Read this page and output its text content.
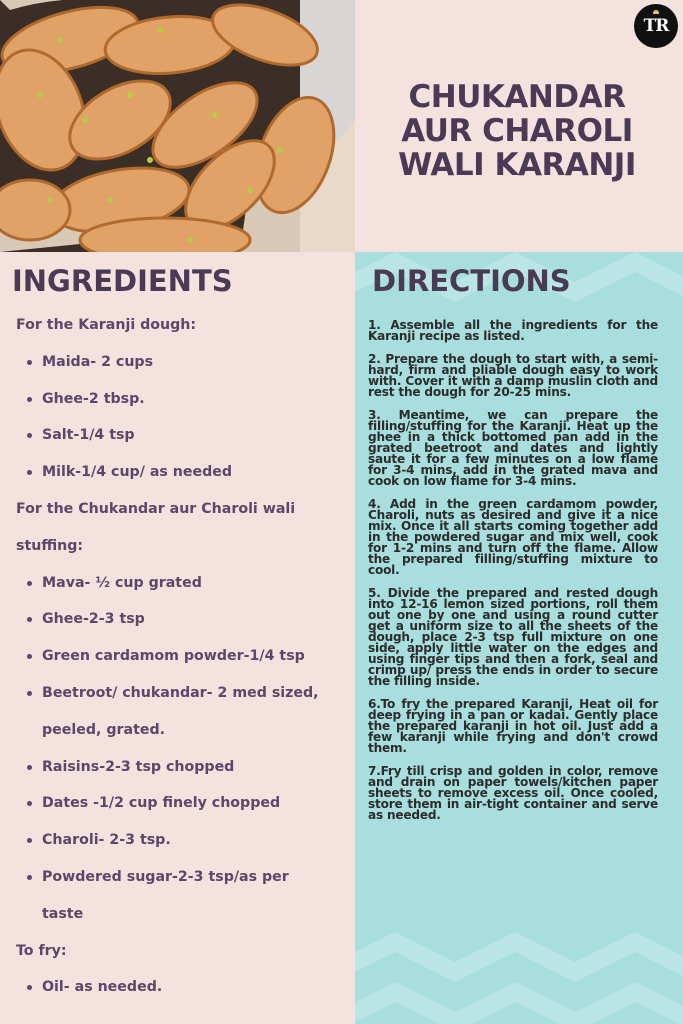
TR
CHUKANDAR
AUR CHAROLI
WALI KARANJI
INGREDIENTS	DIRECTIONS
For the Karanji dough:
Maida- 2 cups
Ghee-2 tbsp.
Salt-1/4 tsp
Milk-1/4 cup/ as needed
For the Chukandar aur Charoli wali
stuffing:
Mava- ½ cup grated
Ghee-2-3 tsp
Green cardamom powder-1/4 tsp
Beetroot/ chukandar- 2 med sized,
peeled, grated.
Raisins-2-3 tsp chopped
Dates -1/2 cup finely chopped
Charoli- 2-3 tsp.
Powdered sugar-2-3 tsp/as per
taste
To fry:
Oil- as needed.

1. Assemble all the ingredients for the Karanji recipe as listed.

2. Prepare the dough to start with, a semi-hard, firm and pliable dough easy to work with. Cover it with a damp muslin cloth and rest the dough for 20-25 mins.

3. Meantime, we can prepare the filling/stuffing for the Karanji. Heat up the ghee in a thick bottomed pan add in the grated beetroot and dates and lightly saute it for a few minutes on a low flame for 3-4 mins, add in the grated mava and cook on low flame for 3-4 mins.

4. Add in the green cardamom powder, Charoli, nuts as desired and give it a nice mix. Once it all starts coming together add in the powdered sugar and mix well, cook for 1-2 mins and turn off the flame. Allow the prepared filling/stuffing mixture to cool.

5. Divide the prepared and rested dough into 12-16 lemon sized portions, roll them out one by one and using a round cutter get a uniform size to all the sheets of the dough, place 2-3 tsp full mixture on one side, apply little water on the edges and using finger tips and then a fork, seal and crimp up/ press the ends in order to secure the filling inside.

6.To fry the prepared Karanji, Heat oil for deep frying in a pan or kadai. Gently place the prepared karanji in hot oil. Just add a few karanji while frying and don't crowd them.

7.Fry till crisp and golden in color, remove and drain on paper towels/kitchen paper sheets to remove excess oil. Once cooled, store them in air-tight container and serve as needed.
